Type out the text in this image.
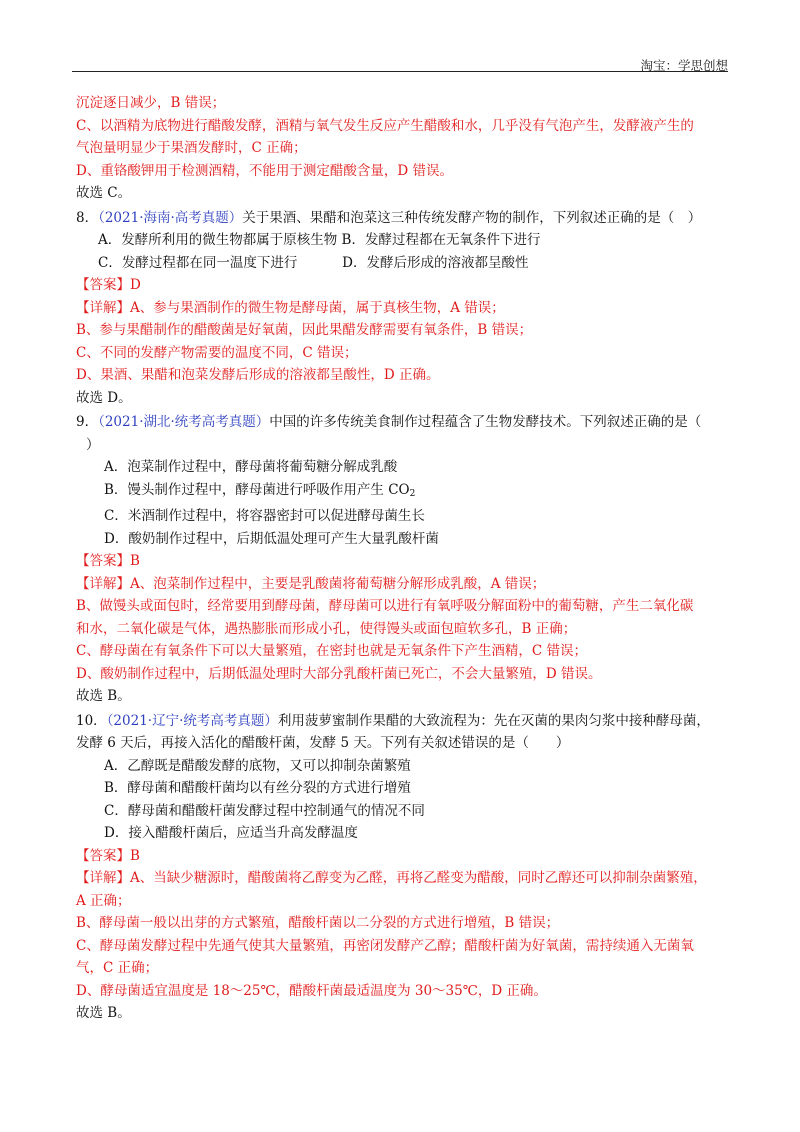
淘宝：学思创想
沉淀逐日减少，B 错误；
C、以酒精为底物进行醋酸发酵，酒精与氧气发生反应产生醋酸和水，几乎没有气泡产生，发酵液产生的
气泡量明显少于果酒发酵时，C 正确；
D、重铬酸钾用于检测酒精，不能用于测定醋酸含量，D 错误。
故选 C。
8．（2021·海南·高考真题）关于果酒、果醋和泡菜这三种传统发酵产物的制作，下列叙述正确的是（　）
A．发酵所利用的微生物都属于原核生物 B．发酵过程都在无氧条件下进行
C．发酵过程都在同一温度下进行　　　 D．发酵后形成的溶液都呈酸性
【答案】D
【详解】A、参与果酒制作的微生物是酵母菌，属于真核生物，A 错误；
B、参与果醋制作的醋酸菌是好氧菌，因此果醋发酵需要有氧条件，B 错误；
C、不同的发酵产物需要的温度不同，C 错误；
D、果酒、果醋和泡菜发酵后形成的溶液都呈酸性，D 正确。
故选 D。
9．（2021·湖北·统考高考真题）中国的许多传统美食制作过程蕴含了生物发酵技术。下列叙述正确的是（
）
A．泡菜制作过程中，酵母菌将葡萄糖分解成乳酸
B．馒头制作过程中，酵母菌进行呼吸作用产生 $CO_2$
C．米酒制作过程中，将容器密封可以促进酵母菌生长
D．酸奶制作过程中，后期低温处理可产生大量乳酸杆菌
【答案】B
【详解】A、泡菜制作过程中，主要是乳酸菌将葡萄糖分解形成乳酸，A 错误；
B、做馒头或面包时，经常要用到酵母菌，酵母菌可以进行有氧呼吸分解面粉中的葡萄糖，产生二氧化碳
和水，二氧化碳是气体，遇热膨胀而形成小孔，使得馒头或面包暄软多孔，B 正确；
C、酵母菌在有氧条件下可以大量繁殖，在密封也就是无氧条件下产生酒精，C 错误；
D、酸奶制作过程中，后期低温处理时大部分乳酸杆菌已死亡，不会大量繁殖，D 错误。
故选 B。
10．（2021·辽宁·统考高考真题）利用菠萝蜜制作果醋的大致流程为：先在灭菌的果肉匀浆中接种酵母菌，
发酵 6 天后，再接入活化的醋酸杆菌，发酵 5 天。下列有关叙述错误的是（　　）
A．乙醇既是醋酸发酵的底物，又可以抑制杂菌繁殖
B．酵母菌和醋酸杆菌均以有丝分裂的方式进行增殖
C．酵母菌和醋酸杆菌发酵过程中控制通气的情况不同
D．接入醋酸杆菌后，应适当升高发酵温度
【答案】B
【详解】A、当缺少糖源时，醋酸菌将乙醇变为乙醛，再将乙醛变为醋酸，同时乙醇还可以抑制杂菌繁殖，
A 正确；
B、酵母菌一般以出芽的方式繁殖，醋酸杆菌以二分裂的方式进行增殖，B 错误；
C、酵母菌发酵过程中先通气使其大量繁殖，再密闭发酵产乙醇；醋酸杆菌为好氧菌，需持续通入无菌氧
气，C 正确；
D、酵母菌适宜温度是 18～25℃，醋酸杆菌最适温度为 30～35℃，D 正确。
故选 B。
